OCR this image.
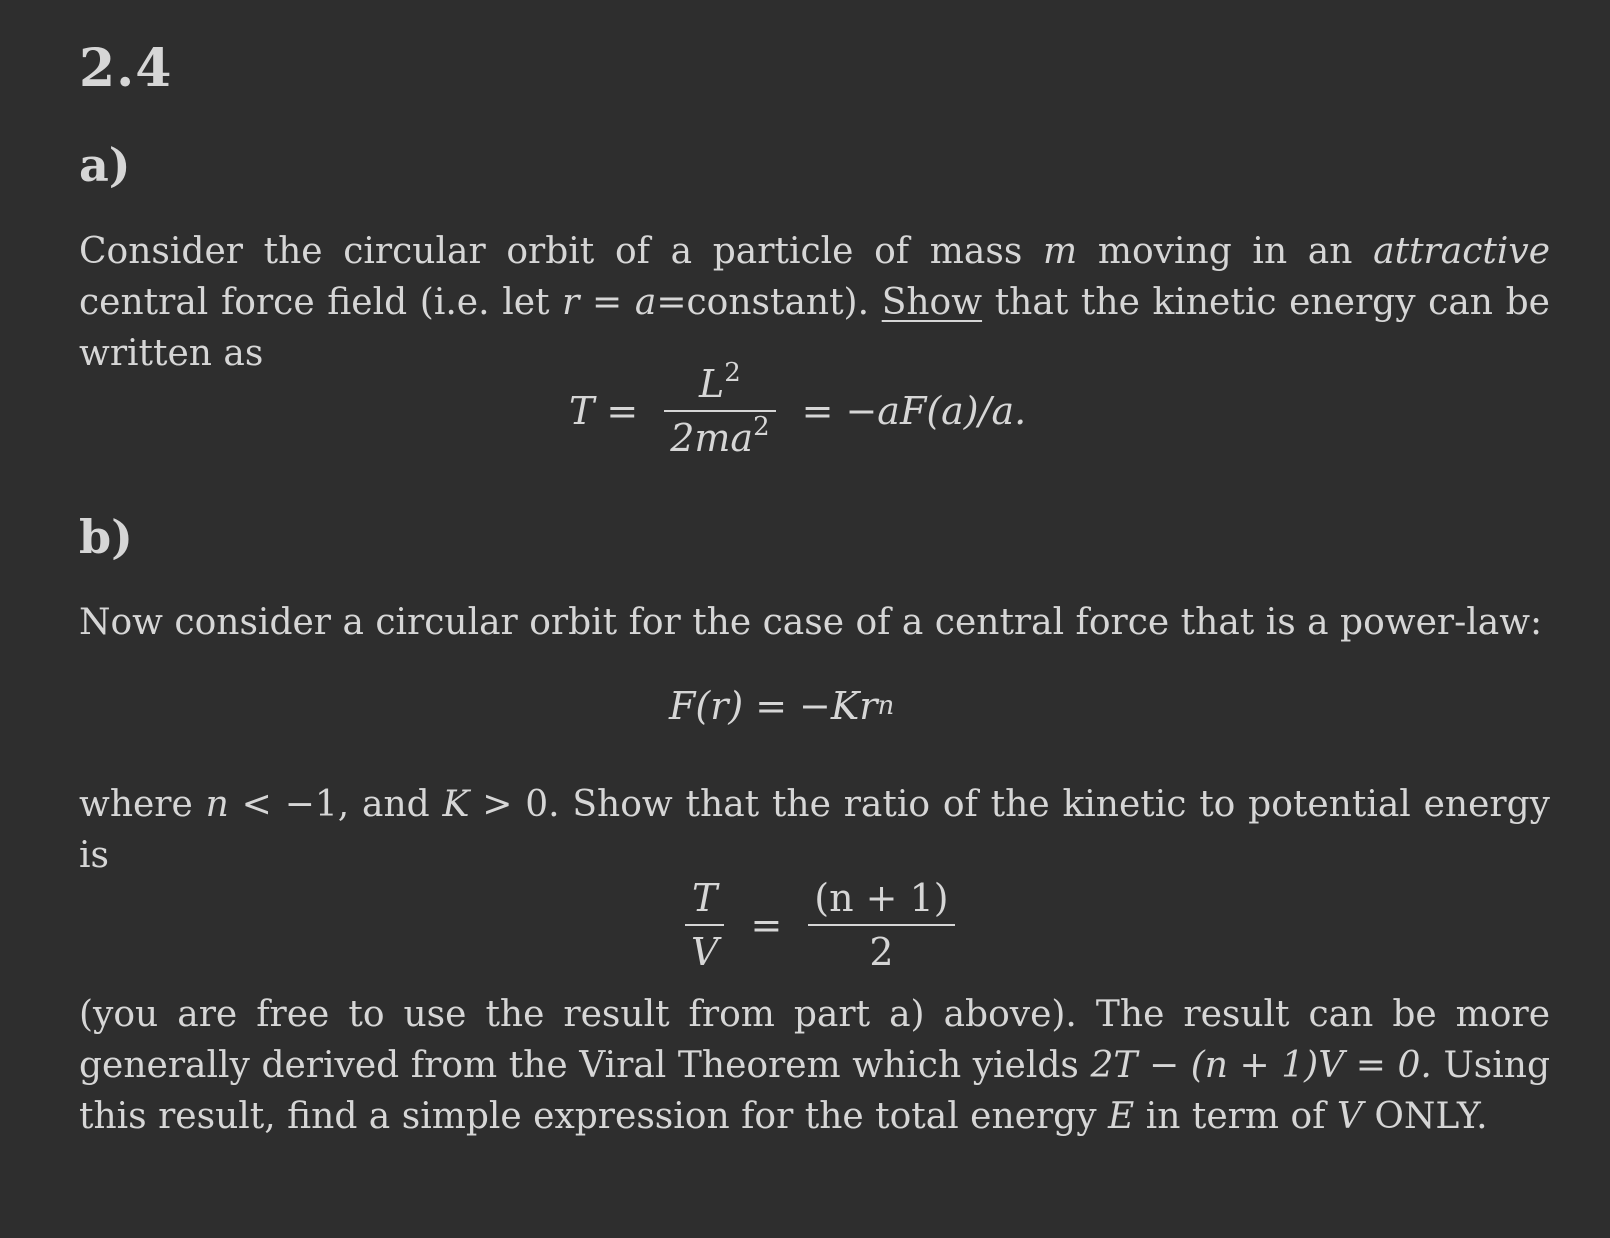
2.4
a)
Consider the circular orbit of a particle of mass m moving in an attractive central force field (i.e. let r = a=constant). Show that the kinetic energy can be written as
$T = \frac{L^2}{2ma^2} = -aF(a)/a$.
b)
Now consider a circular orbit for the case of a central force that is a power-law:
F(r) = −Kr n
where n < −1, and K > 0. Show that the ratio of the kinetic to potential energy is
$\frac{T}{V} = \frac{(n + 1)}{2}$
(you are free to use the result from part a) above). The result can be more generally derived from the Viral Theorem which yields 2T − (n + 1)V = 0. Using this result, find a simple expression for the total energy E in term of V ONLY.
